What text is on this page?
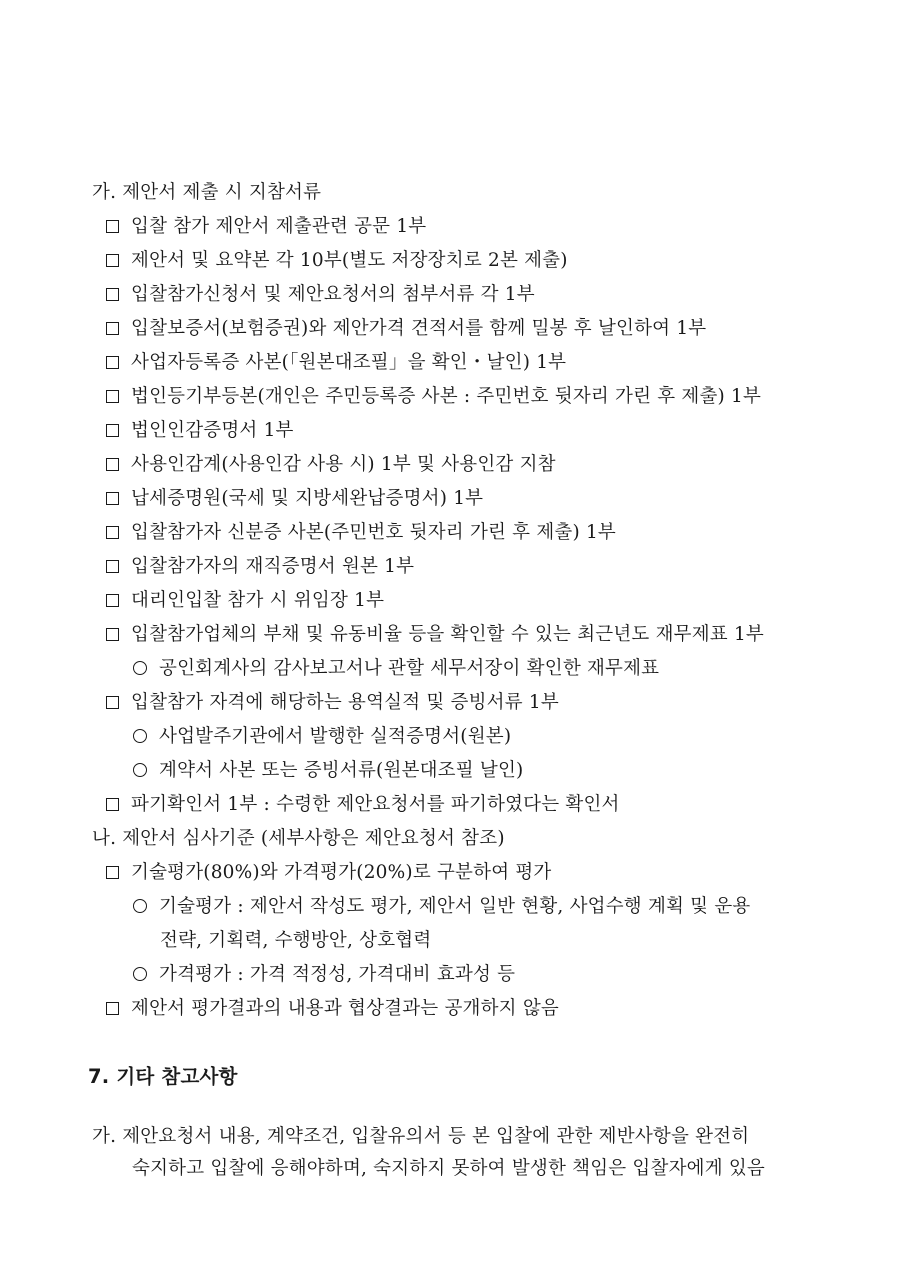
가. 제안서 제출 시 지참서류
입찰 참가 제안서 제출관련 공문 1부
제안서 및 요약본 각 10부(별도 저장장치로 2본 제출)
입찰참가신청서 및 제안요청서의 첨부서류 각 1부
입찰보증서(보험증권)와 제안가격 견적서를 함께 밀봉 후 날인하여 1부
사업자등록증 사본(「원본대조필」을 확인・날인) 1부
법인등기부등본(개인은 주민등록증 사본 : 주민번호 뒷자리 가린 후 제출) 1부
법인인감증명서 1부
사용인감계(사용인감 사용 시) 1부 및 사용인감 지참
납세증명원(국세 및 지방세완납증명서) 1부
입찰참가자 신분증 사본(주민번호 뒷자리 가린 후 제출) 1부
입찰참가자의 재직증명서 원본 1부
대리인입찰 참가 시 위임장 1부
입찰참가업체의 부채 및 유동비율 등을 확인할 수 있는 최근년도 재무제표 1부
공인회계사의 감사보고서나 관할 세무서장이 확인한 재무제표
입찰참가 자격에 해당하는 용역실적 및 증빙서류 1부
사업발주기관에서 발행한 실적증명서(원본)
계약서 사본 또는 증빙서류(원본대조필 날인)
파기확인서 1부 : 수령한 제안요청서를 파기하였다는 확인서
나. 제안서 심사기준 (세부사항은 제안요청서 참조)
기술평가(80%)와 가격평가(20%)로 구분하여 평가
기술평가 : 제안서 작성도 평가, 제안서 일반 현황, 사업수행 계획 및 운용
전략, 기획력, 수행방안, 상호협력
가격평가 : 가격 적정성, 가격대비 효과성 등
제안서 평가결과의 내용과 협상결과는 공개하지 않음
7. 기타 참고사항
가. 제안요청서 내용, 계약조건, 입찰유의서 등 본 입찰에 관한 제반사항을 완전히
숙지하고 입찰에 응해야하며, 숙지하지 못하여 발생한 책임은 입찰자에게 있음
